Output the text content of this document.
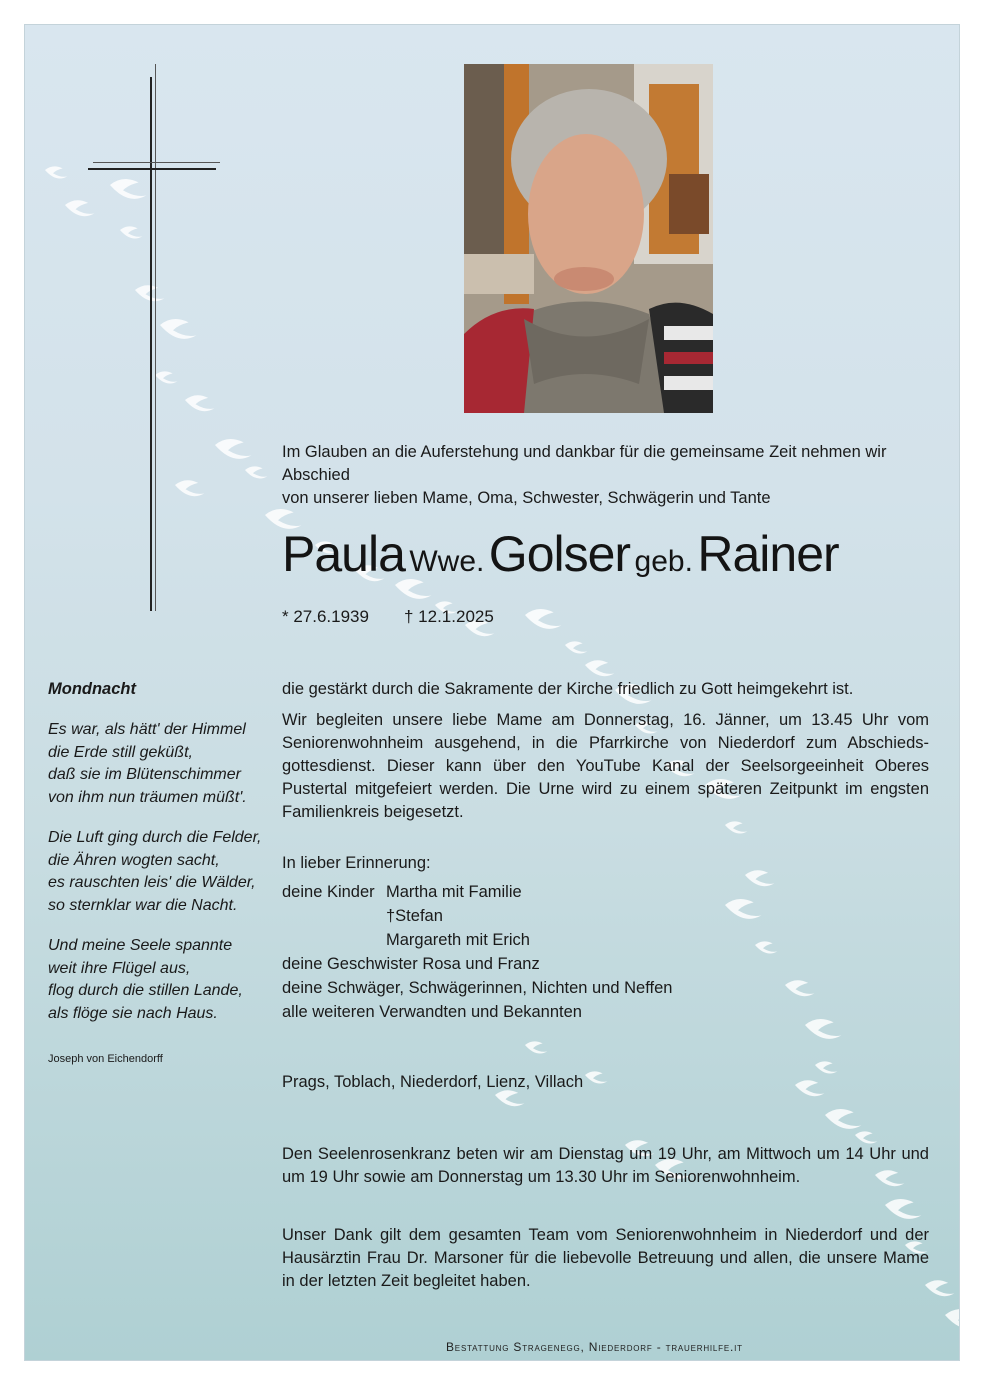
Im Glauben an die Auferstehung und dankbar für die gemeinsame Zeit nehmen wir Abschied
von unserer lieben Mame, Oma, Schwester, Schwägerin und Tante
Paula Wwe. Golser geb. Rainer
* 27.6.1939 † 12.1.2025
Mondnacht
Es war, als hätt' der Himmel
die Erde still geküßt,
daß sie im Blütenschimmer
von ihm nun träumen müßt'.
Die Luft ging durch die Felder,
die Ähren wogten sacht,
es rauschten leis' die Wälder,
so sternklar war die Nacht.
Und meine Seele spannte
weit ihre Flügel aus,
flog durch die stillen Lande,
als flöge sie nach Haus.
Joseph von Eichendorff
die gestärkt durch die Sakramente der Kirche friedlich zu Gott heimgekehrt ist.
Wir begleiten unsere liebe Mame am Donnerstag, 16. Jänner, um 13.45 Uhr vom Seniorenwohnheim ausgehend, in die Pfarrkirche von Niederdorf zum Abschieds-gottesdienst. Dieser kann über den YouTube Kanal der Seelsorgeeinheit Oberes Pustertal mitgefeiert werden. Die Urne wird zu einem späteren Zeitpunkt im engsten Familienkreis beigesetzt.
In lieber Erinnerung:
deine Kinder Martha mit Familie
†Stefan
Margareth mit Erich
deine Geschwister Rosa und Franz
deine Schwäger, Schwägerinnen, Nichten und Neffen
alle weiteren Verwandten und Bekannten
Prags, Toblach, Niederdorf, Lienz, Villach
Den Seelenrosenkranz beten wir am Dienstag um 19 Uhr, am Mittwoch um 14 Uhr und um 19 Uhr sowie am Donnerstag um 13.30 Uhr im Seniorenwohnheim.
Unser Dank gilt dem gesamten Team vom Seniorenwohnheim in Niederdorf und der Hausärztin Frau Dr. Marsoner für die liebevolle Betreuung und allen, die unsere Mame in der letzten Zeit begleitet haben.
Bestattung Stragenegg, Niederdorf - trauerhilfe.it
